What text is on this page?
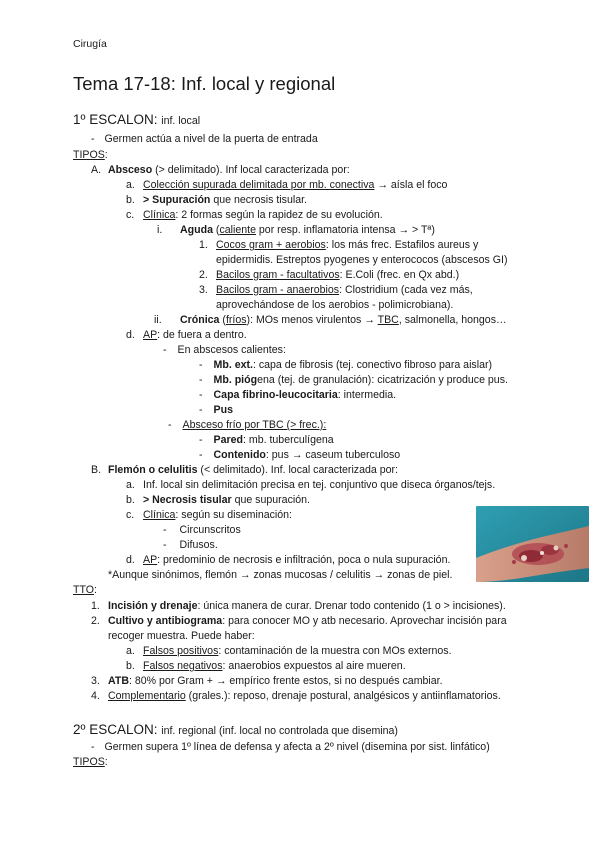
Cirugía
Tema 17-18: Inf. local y regional
1º ESCALON: inf. local
- Germen actúa a nivel de la puerta de entrada
TIPOS:
A. Absceso (> delimitado). Inf local caracterizada por:
a. Colección supurada delimitada por mb. conectiva → aísla el foco
b. > Supuración que necrosis tisular.
c. Clínica: 2 formas según la rapidez de su evolución.
i. Aguda (caliente por resp. inflamatoria intensa → > Tª)
1. Cocos gram + aerobios: los más frec. Estafilos aureus y
epidermidis. Estreptos pyogenes y enterococos (abscesos GI)
2. Bacilos gram - facultativos: E.Coli (frec. en Qx abd.)
3. Bacilos gram - anaerobios: Clostridium (cada vez más,
aprovechándose de los aerobios - polimicrobiana).
ii. Crónica (fríos): MOs menos virulentos → TBC, salmonella, hongos…
d. AP: de fuera a dentro.
- En abscesos calientes:
- Mb. ext.: capa de fibrosis (tej. conectivo fibroso para aislar)
- Mb. piógena (tej. de granulación): cicatrización y produce pus.
- Capa fibrino-leucocitaria: intermedia.
- Pus
- Absceso frío por TBC (> frec.):
- Pared: mb. tuberculígena
- Contenido: pus → caseum tuberculoso
B. Flemón o celulitis (< delimitado). Inf. local caracterizada por:
a. Inf. local sin delimitación precisa en tej. conjuntivo que diseca órganos/tejs.
b. > Necrosis tisular que supuración.
c. Clínica: según su diseminación:
- Circunscritos
- Difusos.
d. AP: predominio de necrosis e infiltración, poca o nula supuración.
*Aunque sinónimos, flemón → zonas mucosas / celulitis → zonas de piel.
TTO:
1. Incisión y drenaje: única manera de curar. Drenar todo contenido (1 o > incisiones).
2. Cultivo y antibiograma: para conocer MO y atb necesario. Aprovechar incisión para
recoger muestra. Puede haber:
a. Falsos positivos: contaminación de la muestra con MOs externos.
b. Falsos negativos: anaerobios expuestos al aire mueren.
3. ATB: 80% por Gram + → empírico frente estos, si no después cambiar.
4. Complementario (grales.): reposo, drenaje postural, analgésicos y antiinflamatorios.
2º ESCALON: inf. regional (inf. local no controlada que disemina)
- Germen supera 1º línea de defensa y afecta a 2º nivel (disemina por sist. linfático)
TIPOS:
